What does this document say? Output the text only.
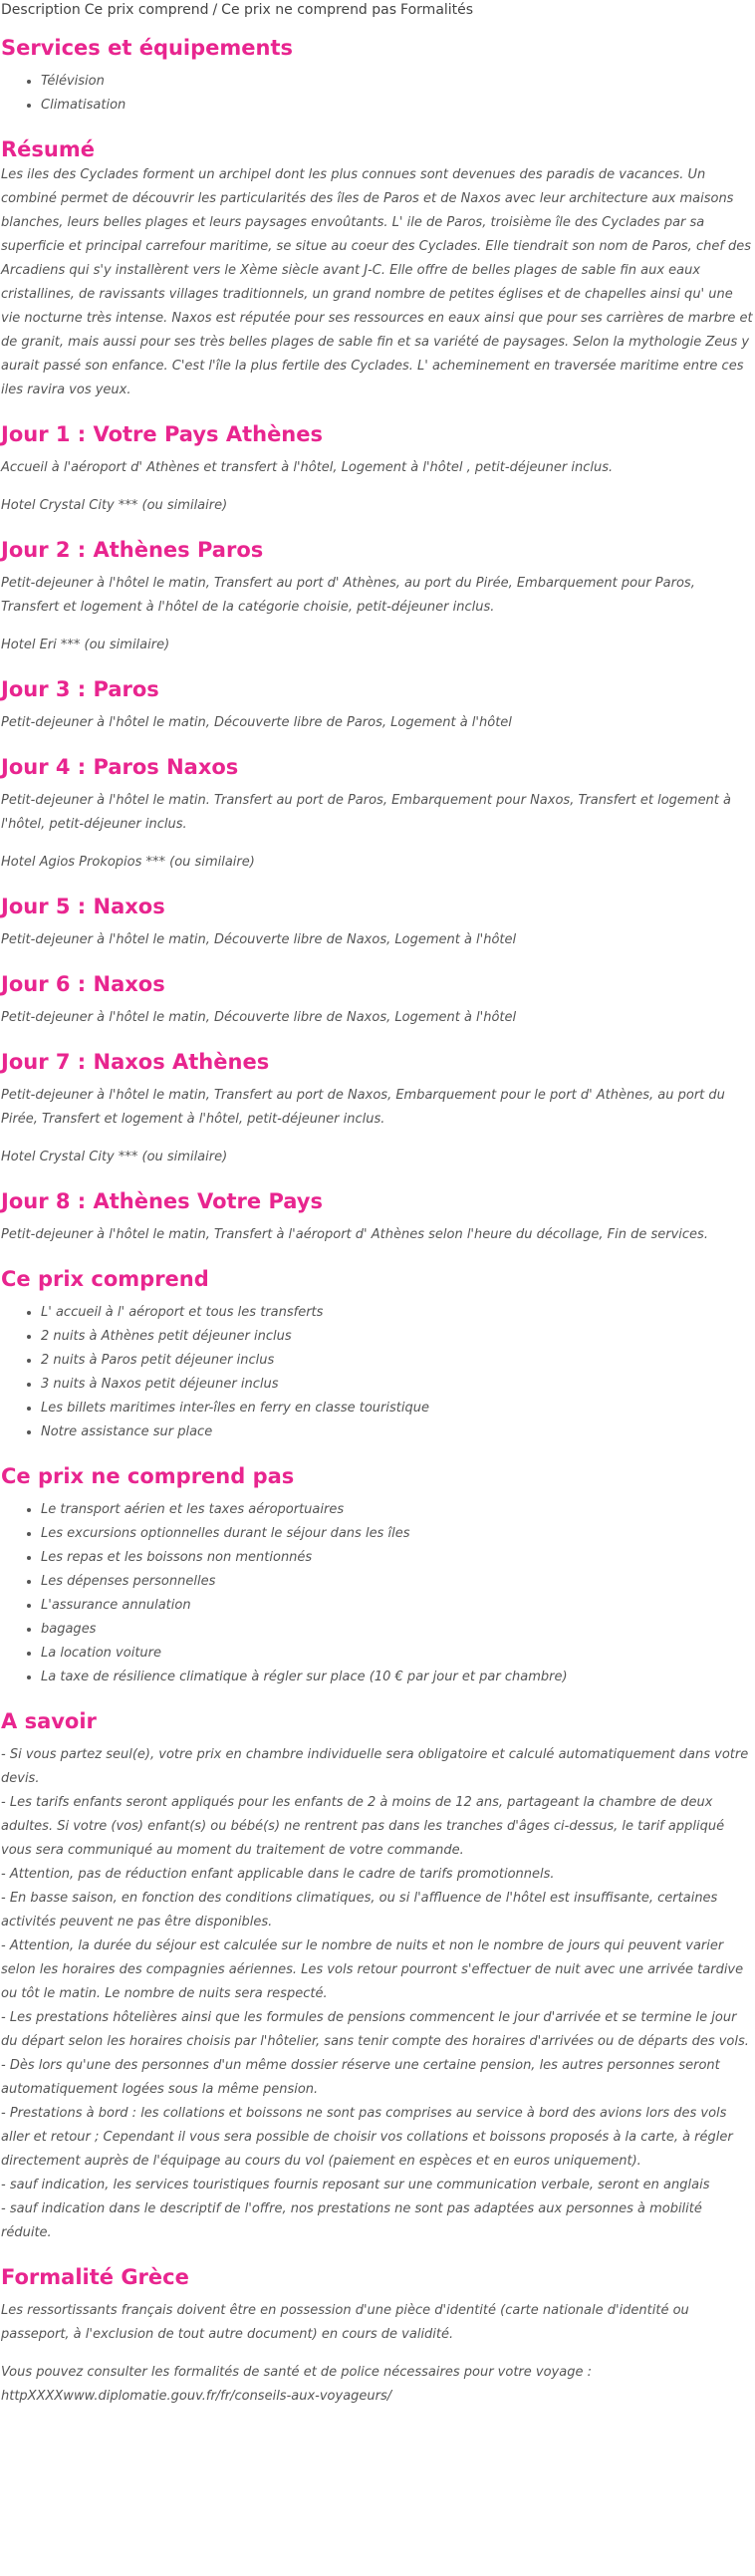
Description Ce prix comprend / Ce prix ne comprend pas Formalités
Services et équipements
• Télévision
• Climatisation
Résumé

Les iles des Cyclades forment un archipel dont les plus connues sont devenues des paradis de vacances. Un combiné permet de découvrir les particularités des îles de Paros et de Naxos avec leur architecture aux maisons blanches, leurs belles plages et leurs paysages envoûtants. L' ile de Paros, troisième île des Cyclades par sa superficie et principal carrefour maritime, se situe au coeur des Cyclades. Elle tiendrait son nom de Paros, chef des Arcadiens qui s'y installèrent vers le Xème siècle avant J-C. Elle offre de belles plages de sable fin aux eaux cristallines, de ravissants villages traditionnels, un grand nombre de petites églises et de chapelles ainsi qu' une vie nocturne très intense. Naxos est réputée pour ses ressources en eaux ainsi que pour ses carrières de marbre et de granit, mais aussi pour ses très belles plages de sable fin et sa variété de paysages. Selon la mythologie Zeus y aurait passé son enfance. C'est l'île la plus fertile des Cyclades. L' acheminement en traversée maritime entre ces iles ravira vos yeux.

Jour 1 : Votre Pays Athènes

Accueil à l'aéroport d' Athènes et transfert à l'hôtel, Logement à l'hôtel , petit-déjeuner inclus.

Hotel Crystal City *** (ou similaire)

Jour 2 : Athènes Paros

Petit-dejeuner à l'hôtel le matin, Transfert au port d' Athènes, au port du Pirée, Embarquement pour Paros, Transfert et logement à l'hôtel de la catégorie choisie, petit-déjeuner inclus.

Hotel Eri *** (ou similaire)

Jour 3 : Paros

Petit-dejeuner à l'hôtel le matin, Découverte libre de Paros, Logement à l'hôtel

Jour 4 : Paros Naxos

Petit-dejeuner à l'hôtel le matin. Transfert au port de Paros, Embarquement pour Naxos, Transfert et logement à l'hôtel, petit-déjeuner inclus.

Hotel Agios Prokopios *** (ou similaire)

Jour 5 : Naxos

Petit-dejeuner à l'hôtel le matin, Découverte libre de Naxos, Logement à l'hôtel

Jour 6 : Naxos

Petit-dejeuner à l'hôtel le matin, Découverte libre de Naxos, Logement à l'hôtel

Jour 7 : Naxos Athènes

Petit-dejeuner à l'hôtel le matin, Transfert au port de Naxos, Embarquement pour le port d' Athènes, au port du Pirée, Transfert et logement à l'hôtel, petit-déjeuner inclus.

Hotel Crystal City *** (ou similaire)

Jour 8 : Athènes Votre Pays

Petit-dejeuner à l'hôtel le matin, Transfert à l'aéroport d' Athènes selon l'heure du décollage, Fin de services.

Ce prix comprend
• L' accueil à l' aéroport et tous les transferts
• 2 nuits à Athènes petit déjeuner inclus
• 2 nuits à Paros petit déjeuner inclus
• 3 nuits à Naxos petit déjeuner inclus
• Les billets maritimes inter-îles en ferry en classe touristique
• Notre assistance sur place
Ce prix ne comprend pas
• Le transport aérien et les taxes aéroportuaires
• Les excursions optionnelles durant le séjour dans les îles
• Les repas et les boissons non mentionnés
• Les dépenses personnelles
• L'assurance annulation
• bagages
• La location voiture
• La taxe de résilience climatique à régler sur place (10 € par jour et par chambre)
A savoir

- Si vous partez seul(e), votre prix en chambre individuelle sera obligatoire et calculé automatiquement dans votre devis.

- Les tarifs enfants seront appliqués pour les enfants de 2 à moins de 12 ans, partageant la chambre de deux adultes. Si votre (vos) enfant(s) ou bébé(s) ne rentrent pas dans les tranches d'âges ci-dessus, le tarif appliqué vous sera communiqué au moment du traitement de votre commande.

- Attention, pas de réduction enfant applicable dans le cadre de tarifs promotionnels.

- En basse saison, en fonction des conditions climatiques, ou si l'affluence de l'hôtel est insuffisante, certaines activités peuvent ne pas être disponibles.

- Attention, la durée du séjour est calculée sur le nombre de nuits et non le nombre de jours qui peuvent varier selon les horaires des compagnies aériennes. Les vols retour pourront s'effectuer de nuit avec une arrivée tardive ou tôt le matin. Le nombre de nuits sera respecté.

- Les prestations hôtelières ainsi que les formules de pensions commencent le jour d'arrivée et se termine le jour du départ selon les horaires choisis par l'hôtelier, sans tenir compte des horaires d'arrivées ou de départs des vols.

- Dès lors qu'une des personnes d'un même dossier réserve une certaine pension, les autres personnes seront automatiquement logées sous la même pension.

- Prestations à bord : les collations et boissons ne sont pas comprises au service à bord des avions lors des vols aller et retour ; Cependant il vous sera possible de choisir vos collations et boissons proposés à la carte, à régler directement auprès de l'équipage au cours du vol (paiement en espèces et en euros uniquement).

- sauf indication, les services touristiques fournis reposant sur une communication verbale, seront en anglais

- sauf indication dans le descriptif de l'offre, nos prestations ne sont pas adaptées aux personnes à mobilité réduite.

Formalité Grèce

Les ressortissants français doivent être en possession d'une pièce d'identité (carte nationale d'identité ou passeport, à l'exclusion de tout autre document) en cours de validité.

Vous pouvez consulter les formalités de santé et de police nécessaires pour votre voyage :

httpXXXXwww.diplomatie.gouv.fr/fr/conseils-aux-voyageurs/
